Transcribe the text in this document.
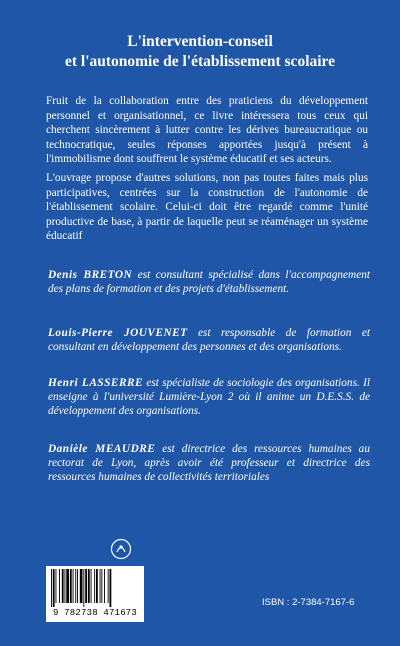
L'intervention-conseil
et l'autonomie de l'établissement scolaire

Fruit de la collaboration entre des praticiens du développement personnel et organisationnel, ce livre intéressera tous ceux qui cherchent sincèrement à lutter contre les dérives bureaucratique ou technocratique, seules réponses apportées jusqu'à présent à l'immobilisme dont souffrent le système éducatif et ses acteurs.

L'ouvrage propose d'autres solutions, non pas toutes faites mais plus participatives, centrées sur la construction de l'autonomie de l'établissement scolaire. Celui-ci doit être regardé comme l'unité productive de base, à partir de laquelle peut se réaménager un système éducatif

Denis BRETON est consultant spécialisé dans l'accompagnement des plans de formation et des projets d'établissement.

Louis-Pierre JOUVENET est responsable de formation et consultant en développement des personnes et des organisations.

Henri LASSERRE est spécialiste de sociologie des organisations. Il enseigne à l'université Lumière-Lyon 2 où il anime un D.E.S.S. de développement des organisations.

Danièle MEAUDRE est directrice des ressources humaines au rectorat de Lyon, après avoir été professeur et directrice des ressources humaines de collectivités territoriales

9 782738 471673
ISBN : 2-7384-7167-6
